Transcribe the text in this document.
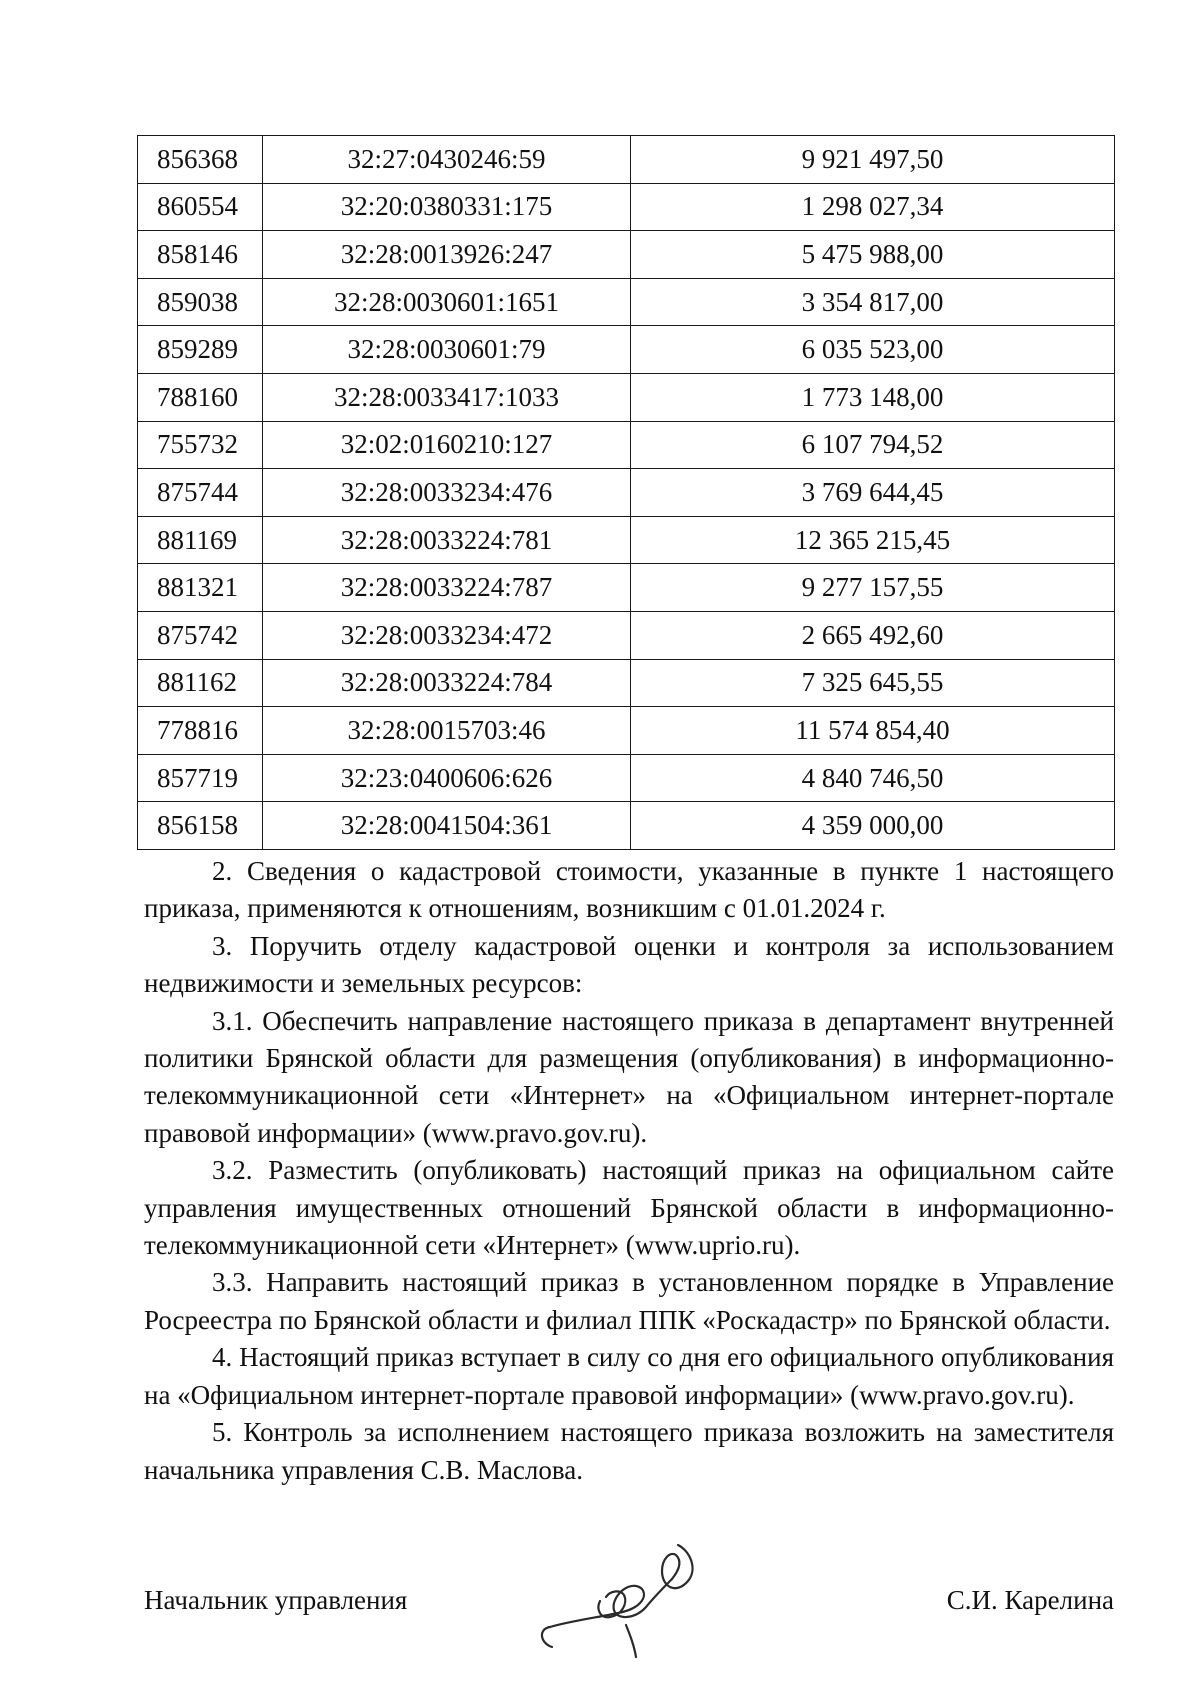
856368	32:27:0430246:59	9 921 497,50
860554	32:20:0380331:175	1 298 027,34
858146	32:28:0013926:247	5 475 988,00
859038	32:28:0030601:1651	3 354 817,00
859289	32:28:0030601:79	6 035 523,00
788160	32:28:0033417:1033	1 773 148,00
755732	32:02:0160210:127	6 107 794,52
875744	32:28:0033234:476	3 769 644,45
881169	32:28:0033224:781	12 365 215,45
881321	32:28:0033224:787	9 277 157,55
875742	32:28:0033234:472	2 665 492,60
881162	32:28:0033224:784	7 325 645,55
778816	32:28:0015703:46	11 574 854,40
857719	32:23:0400606:626	4 840 746,50
856158	32:28:0041504:361	4 359 000,00

2. Сведения о кадастровой стоимости, указанные в пункте 1 настоящего приказа, применяются к отношениям, возникшим с 01.01.2024 г.

3. Поручить отделу кадастровой оценки и контроля за использованием недвижимости и земельных ресурсов:

3.1. Обеспечить направление настоящего приказа в департамент внутренней политики Брянской области для размещения (опубликования) в информационно-телекоммуникационной сети «Интернет» на «Официальном интернет-портале правовой информации» (www.pravo.gov.ru).

3.2. Разместить (опубликовать) настоящий приказ на официальном сайте управления имущественных отношений Брянской области в информационно-телекоммуникационной сети «Интернет» (www.uprio.ru).

3.3. Направить настоящий приказ в установленном порядке в Управление Росреестра по Брянской области и филиал ППК «Роскадастр» по Брянской области.

4. Настоящий приказ вступает в силу со дня его официального опубликования на «Официальном интернет-портале правовой информации» (www.pravo.gov.ru).

5. Контроль за исполнением настоящего приказа возложить на заместителя начальника управления С.В. Маслова.

Начальник управления	С.И. Карелина
